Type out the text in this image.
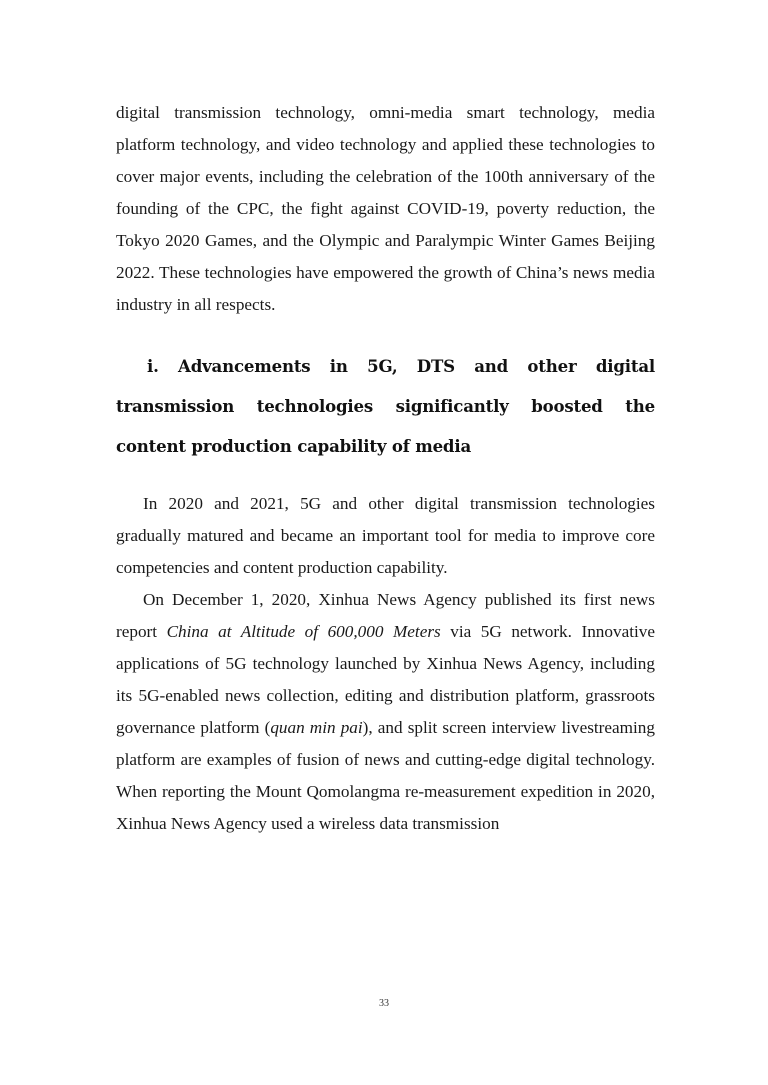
digital transmission technology, omni-media smart technology, media platform technology, and video technology and applied these technologies to cover major events, including the celebration of the 100th anniversary of the founding of the CPC, the fight against COVID-19, poverty reduction, the Tokyo 2020 Games, and the Olympic and Paralympic Winter Games Beijing 2022. These technologies have empowered the growth of China’s news media industry in all respects.

i. Advancements in 5G, DTS and other digital transmission technologies significantly boosted the content production capability of media

In 2020 and 2021, 5G and other digital transmission technologies gradually matured and became an important tool for media to improve core competencies and content production capability.

On December 1, 2020, Xinhua News Agency published its first news report China at Altitude of 600,000 Meters via 5G network. Innovative applications of 5G technology launched by Xinhua News Agency, including its 5G-enabled news collection, editing and distribution platform, grassroots governance platform (quan min pai), and split screen interview livestreaming platform are examples of fusion of news and cutting-edge digital technology. When reporting the Mount Qomolangma re-measurement expedition in 2020, Xinhua News Agency used a wireless data transmission

33
